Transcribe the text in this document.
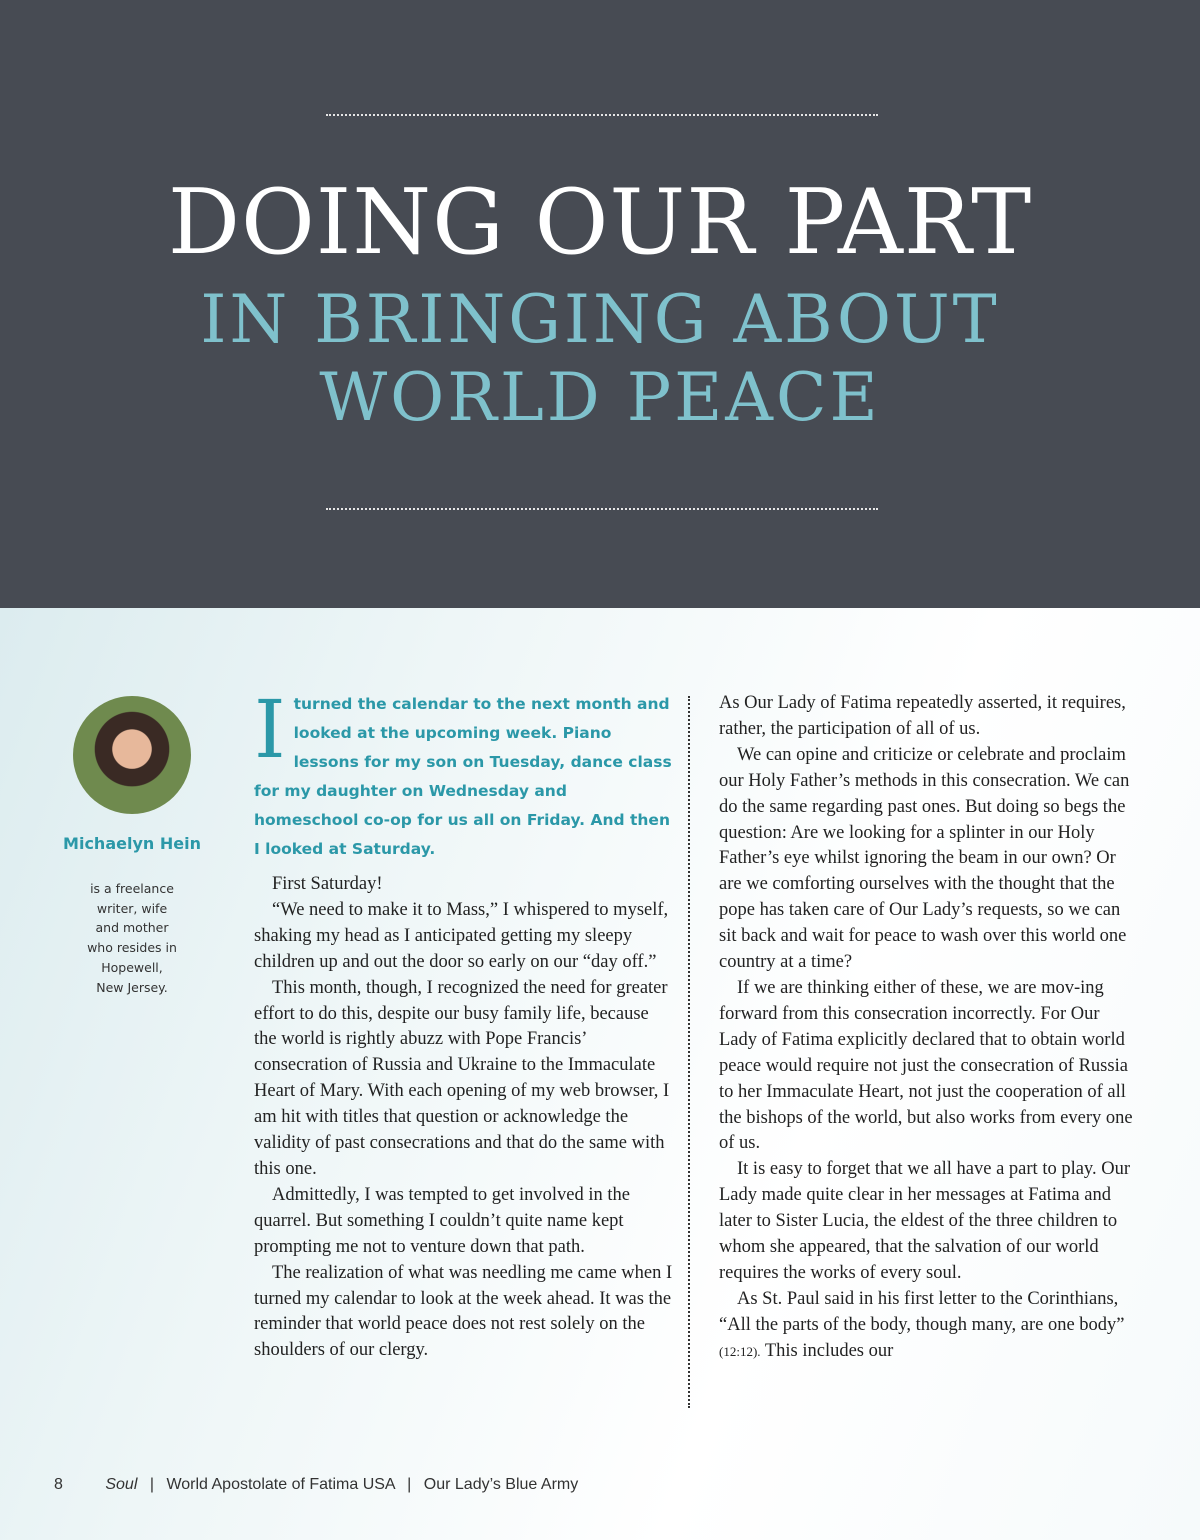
DOING OUR PART
IN BRINGING ABOUT
WORLD PEACE
Michaelyn Hein
is a freelance
writer, wife
and mother
who resides in
Hopewell,
New Jersey.
Iturned the calendar to the next month and looked at the upcoming week. Piano lessons for my son on Tuesday, dance class for my daughter on Wednesday and homeschool co-op for us all on Friday. And then I looked at Saturday.

First Saturday!

“We need to make it to Mass,” I whispered to myself, shaking my head as I anticipated getting my sleepy children up and out the door so early on our “day off.”

This month, though, I recognized the need for greater effort to do this, despite our busy family life, because the world is rightly abuzz with Pope Francis’ consecration of Russia and Ukraine to the Immaculate Heart of Mary. With each opening of my web browser, I am hit with titles that question or acknowledge the validity of past consecrations and that do the same with this one.

Admittedly, I was tempted to get involved in the quarrel. But something I couldn’t quite name kept prompting me not to venture down that path.

The realization of what was needling me came when I turned my calendar to look at the week ahead. It was the reminder that world peace does not rest solely on the shoulders of our clergy.

As Our Lady of Fatima repeatedly asserted, it requires, rather, the participation of all of us.

We can opine and criticize or celebrate and proclaim our Holy Father’s methods in this consecration. We can do the same regarding past ones. But doing so begs the question: Are we looking for a splinter in our Holy Father’s eye whilst ignoring the beam in our own? Or are we comforting ourselves with the thought that the pope has taken care of Our Lady’s requests, so we can sit back and wait for peace to wash over this world one country at a time?

If we are thinking either of these, we are mov-ing forward from this consecration incorrectly. For Our Lady of Fatima explicitly declared that to obtain world peace would require not just the consecration of Russia to her Immaculate Heart, not just the cooperation of all the bishops of the world, but also works from every one of us.

It is easy to forget that we all have a part to play. Our Lady made quite clear in her messages at Fatima and later to Sister Lucia, the eldest of the three children to whom she appeared, that the salvation of our world requires the works of every soul.

As St. Paul said in his first letter to the Corinthians, “All the parts of the body, though many, are one body” (12:12). This includes our

8	Soul | World Apostolate of Fatima USA | Our Lady’s Blue Army
